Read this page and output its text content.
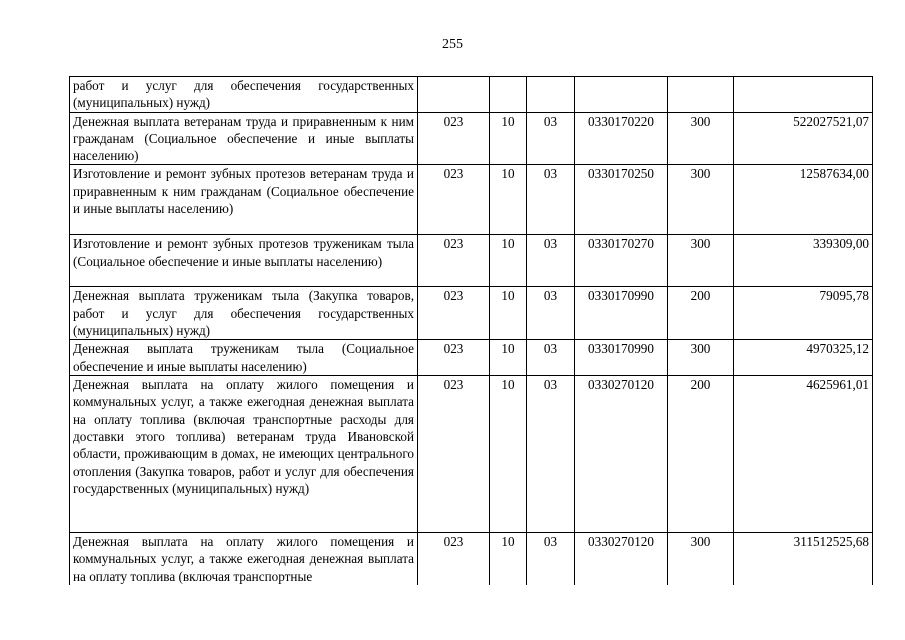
255
работ и услуг для обеспечения государственных (муниципальных) нужд)						
Денежная выплата ветеранам труда и приравненным к ним гражданам (Социальное обеспечение и иные выплаты населению)	023	10	03	0330170220	300	522027521,07
Изготовление и ремонт зубных протезов ветеранам труда и приравненным к ним гражданам (Социальное обеспечение и иные выплаты населению)	023	10	03	0330170250	300	12587634,00
Изготовление и ремонт зубных протезов труженикам тыла (Социальное обеспечение и иные выплаты населению)	023	10	03	0330170270	300	339309,00
Денежная выплата труженикам тыла (Закупка товаров, работ и услуг для обеспечения государственных (муниципальных) нужд)	023	10	03	0330170990	200	79095,78
Денежная выплата труженикам тыла (Социальное обеспечение и иные выплаты населению)	023	10	03	0330170990	300	4970325,12
Денежная выплата на оплату жилого помещения и коммунальных услуг, а также ежегодная денежная выплата на оплату топлива (включая транспортные расходы для доставки этого топлива) ветеранам труда Ивановской области, проживающим в домах, не имеющих центрального отопления (Закупка товаров, работ и услуг для обеспечения государственных (муниципальных) нужд)	023	10	03	0330270120	200	4625961,01
Денежная выплата на оплату жилого помещения и коммунальных услуг, а также ежегодная денежная выплата на оплату топлива (включая транспортные	023	10	03	0330270120	300	311512525,68
